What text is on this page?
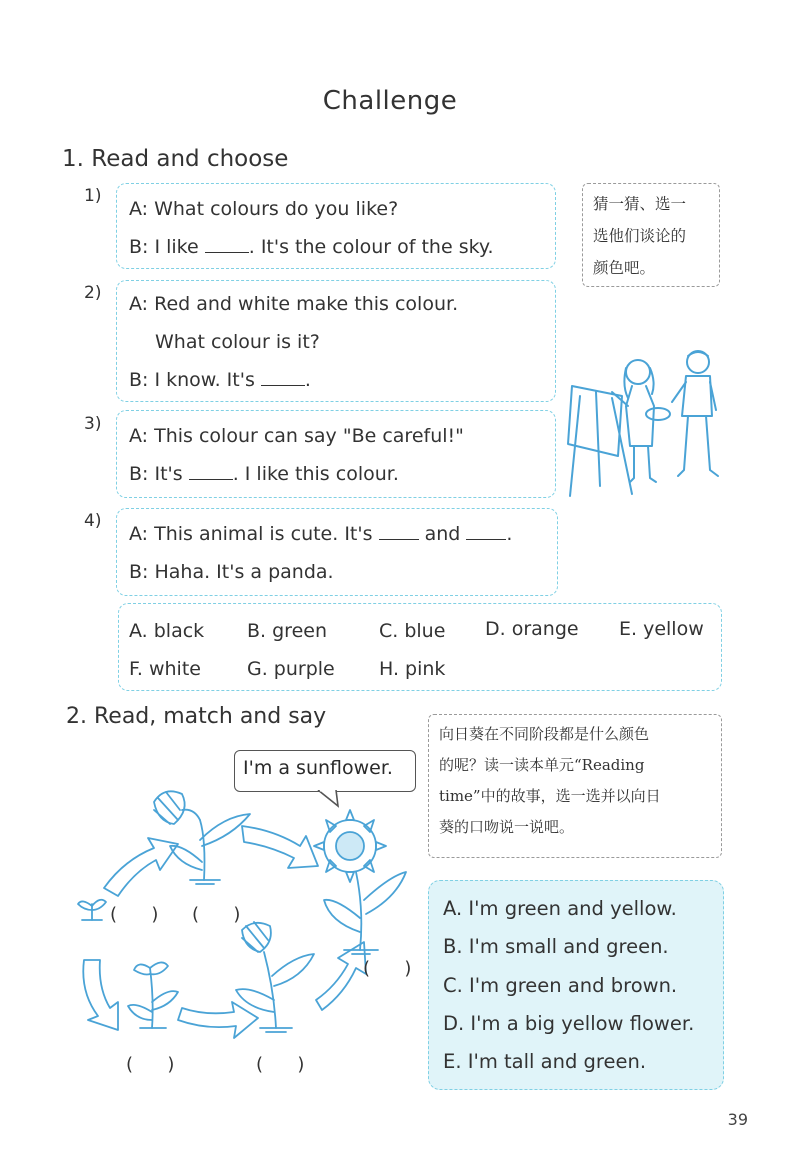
Challenge
1. Read and choose
1)
A: What colours do you like?
B: I like . It's the colour of the sky.
2) A: Red and white make this colour.
What colour is it?
B: I know. It's .
3)
A: This colour can say "Be careful!"
B: It's . I like this colour.
4)
A: This animal is cute. It's  and .
B: Haha. It's a panda.
猜一猜、选一
选他们谈论的
颜色吧。
A. black B. green	C. blue D. orange E. yellow
F. white G. purple H. pink
2. Read, match and say
I'm a sunflower.
向日葵在不同阶段都是什么颜色
的呢？读一读本单元“Reading
time”中的故事，选一选并以向日
葵的口吻说一说吧。
(      ) (      )
(      )
(      )	(      )
A. I'm green and yellow.
B. I'm small and green.
C. I'm green and brown.
D. I'm a big yellow flower.
E. I'm tall and green.
39
